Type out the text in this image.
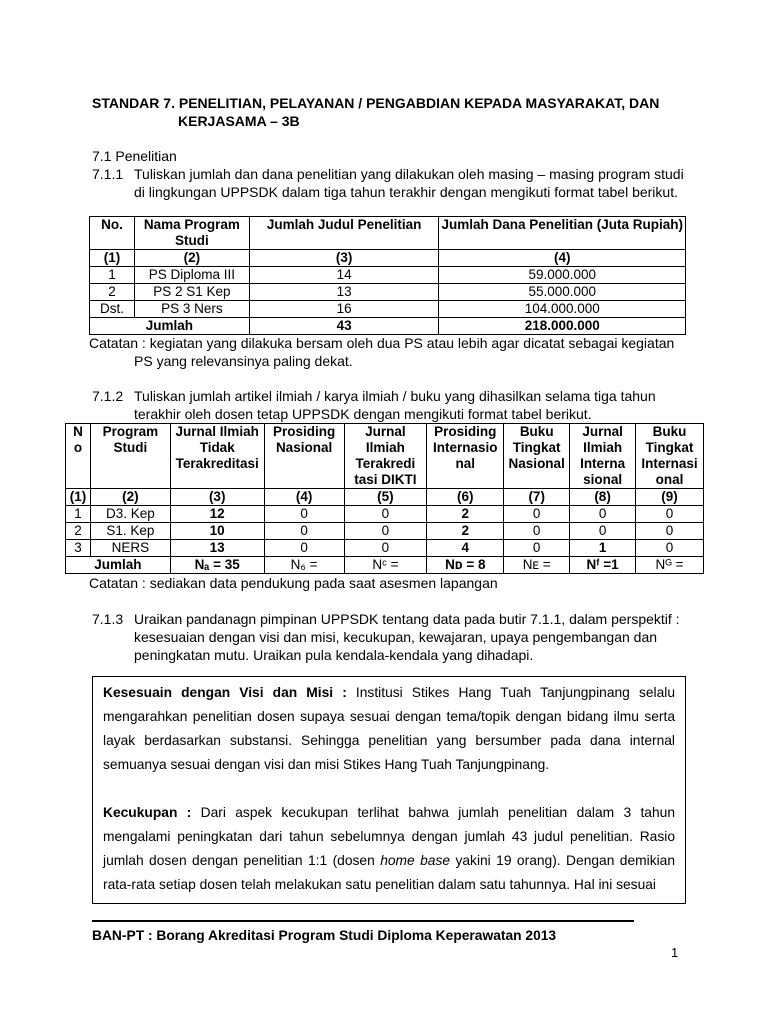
STANDAR 7. PENELITIAN, PELAYANAN / PENGABDIAN KEPADA MASYARAKAT, DAN
KERJASAMA – 3B
7.1 Penelitian
7.1.1 Tuliskan jumlah dan dana penelitian yang dilakukan oleh masing – masing program studi
di lingkungan UPPSDK dalam tiga tahun terakhir dengan mengikuti format tabel berikut.
No.	Nama Program Studi	Jumlah Judul Penelitian	Jumlah Dana Penelitian (Juta Rupiah)
(1)	(2)	(3)	(4)
1	PS Diploma III	14	59.000.000
2	PS 2 S1 Kep	13	55.000.000
Dst.	PS 3 Ners	16	104.000.000
Jumlah		43	218.000.000
Catatan : kegiatan yang dilakuka bersam oleh dua PS atau lebih agar dicatat sebagai kegiatan
PS yang relevansinya paling dekat.
7.1.2 Tuliskan jumlah artikel ilmiah / karya ilmiah / buku yang dihasilkan selama tiga tahun
terakhir oleh dosen tetap UPPSDK dengan mengikuti format tabel berikut.
N o	Program Studi	Jurnal Ilmiah Tidak Terakreditasi	Prosiding Nasional	Jurnal Ilmiah Terakredi tasi DIKTI	Prosiding Internasio nal	Buku Tingkat Nasional	Jurnal Ilmiah Interna sional	Buku Tingkat Internasi onal
(1)	(2)	(3)	(4)	(5)	(6)	(7)	(8)	(9)
1	D3. Kep	12	0	0	2	0	0	0
2	S1. Kep	10	0	0	2	0	0	0
3	NERS	13	0	0	4	0	1	0
Jumlah		Nₐ = 35	N₆ =	Nᶜ =	Nᴅ = 8	Nᴇ =	Nᶠ =1	Nᴳ =
Catatan : sediakan data pendukung pada saat asesmen lapangan
7.1.3 Uraikan pandanagn pimpinan UPPSDK tentang data pada butir 7.1.1, dalam perspektif :
kesesuaian dengan visi dan misi, kecukupan, kewajaran, upaya pengembangan dan
peningkatan mutu. Uraikan pula kendala-kendala yang dihadapi.

Kesesuain dengan Visi dan Misi : Institusi Stikes Hang Tuah Tanjungpinang selalu mengarahkan penelitian dosen supaya sesuai dengan tema/topik dengan bidang ilmu serta layak berdasarkan substansi. Sehingga penelitian yang bersumber pada dana internal semuanya sesuai dengan visi dan misi Stikes Hang Tuah Tanjungpinang.

Kecukupan : Dari aspek kecukupan terlihat bahwa jumlah penelitian dalam 3 tahun mengalami peningkatan dari tahun sebelumnya dengan jumlah 43 judul penelitian. Rasio jumlah dosen dengan penelitian 1:1 (dosen home base yakini 19 orang). Dengan demikian rata-rata setiap dosen telah melakukan satu penelitian dalam satu tahunnya. Hal ini sesuai

BAN-PT : Borang Akreditasi Program Studi Diploma Keperawatan 2013
1
